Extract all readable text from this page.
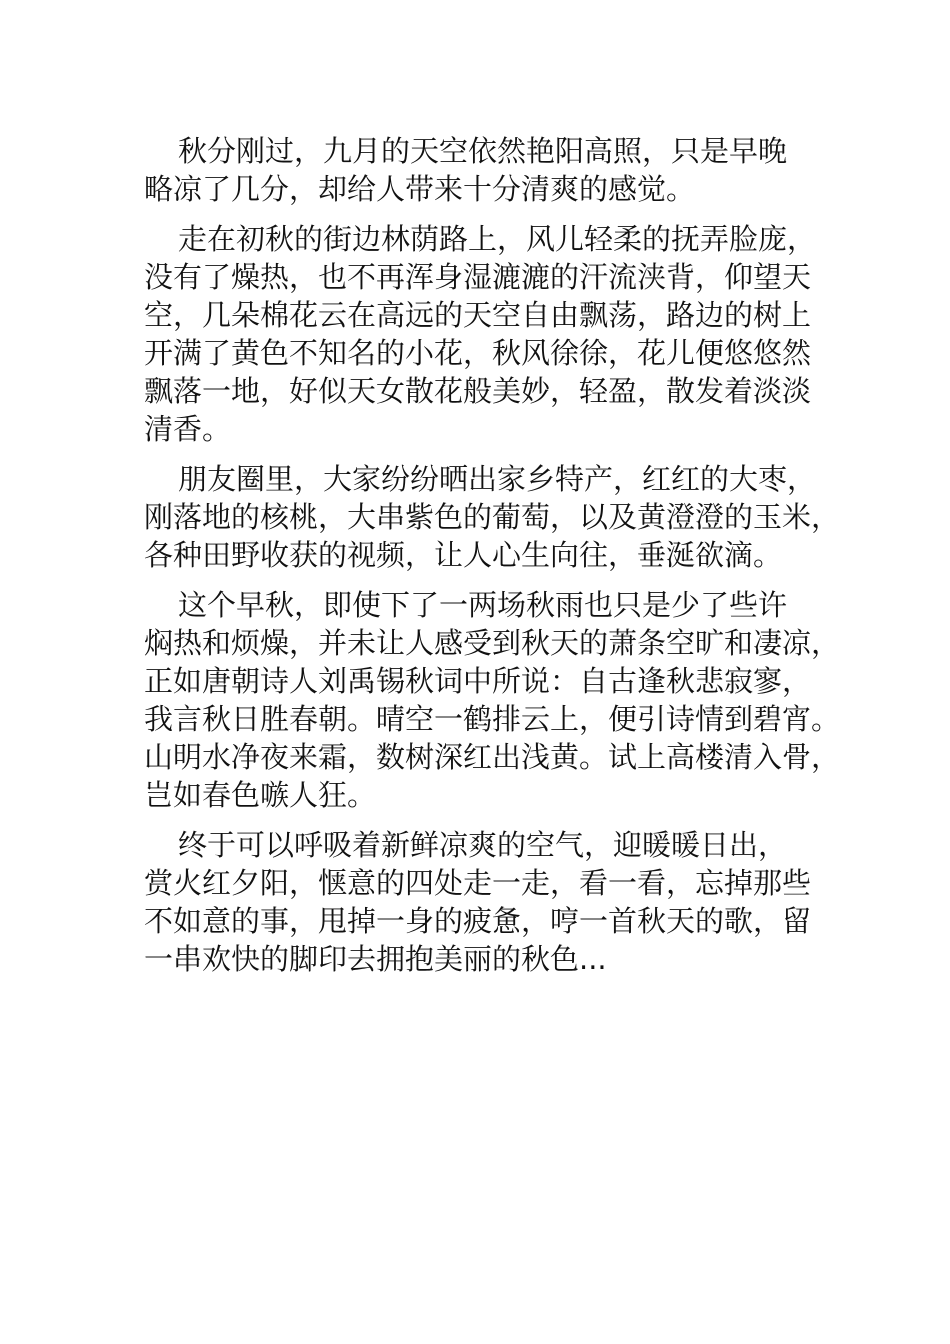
秋分刚过，九月的天空依然艳阳高照，只是早晚
略凉了几分，却给人带来十分清爽的感觉。
走在初秋的街边林荫路上，风儿轻柔的抚弄脸庞，
没有了燥热，也不再浑身湿漉漉的汗流浃背，仰望天
空，几朵棉花云在高远的天空自由飘荡，路边的树上
开满了黄色不知名的小花，秋风徐徐，花儿便悠悠然
飘落一地，好似天女散花般美妙，轻盈，散发着淡淡
清香。
朋友圈里，大家纷纷晒出家乡特产，红红的大枣，
刚落地的核桃，大串紫色的葡萄，以及黄澄澄的玉米，
各种田野收获的视频，让人心生向往，垂涎欲滴。
这个早秋，即使下了一两场秋雨也只是少了些许
焖热和烦燥，并未让人感受到秋天的萧条空旷和凄凉，
正如唐朝诗人刘禹锡秋词中所说：自古逢秋悲寂寥，
我言秋日胜春朝。晴空一鹤排云上，便引诗情到碧宵。
山明水净夜来霜，数树深红出浅黄。试上高楼清入骨，
岂如春色嗾人狂。
终于可以呼吸着新鲜凉爽的空气，迎暖暖日出，
赏火红夕阳，惬意的四处走一走，看一看，忘掉那些
不如意的事，甩掉一身的疲惫，哼一首秋天的歌，留
一串欢快的脚印去拥抱美丽的秋色...
